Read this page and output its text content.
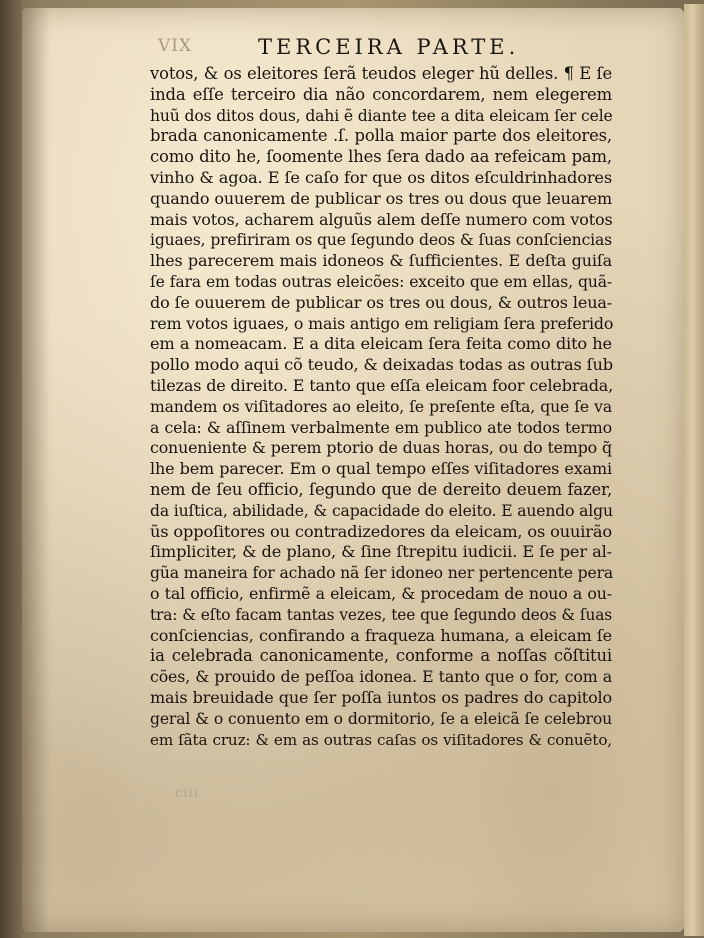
VIX	TERCEIRA PARTE.
votos, & os eleitores ſerã teudos eleger hũ delles. ¶ E ſe
inda eſſe terceiro dia não concordarem, nem elegerem
huũ dos ditos dous, dahi ẽ diante tee a dita eleicam ſer cele
brada canonicamente .ſ. polla maior parte dos eleitores,
como dito he, ſoomente lhes ſera dado aa refeicam pam,
vinho & agoa. E ſe caſo for que os ditos eſculdrinhadores
quando ouuerem de publicar os tres ou dous que leuarem
mais votos, acharem alguũs alem deſſe numero com votos
iguaes, prefiriram os que ſegundo deos & ſuas conſciencias
lhes parecerem mais idoneos & ſufficientes. E deſta guiſa
ſe fara em todas outras eleicões: exceito que em ellas, quã-
do ſe ouuerem de publicar os tres ou dous, & outros leua-
rem votos iguaes, o mais antigo em religiam ſera preferido
em a nomeacam. E a dita eleicam ſera feita como dito he
pollo modo aqui cõ teudo, & deixadas todas as outras ſub
tilezas de direito. E tanto que eſſa eleicam foor celebrada,
mandem os viſitadores ao eleito, ſe preſente eſta, que ſe va
a cela: & aſſinem verbalmente em publico ate todos termo
conueniente & perem ptorio de duas horas, ou do tempo q̃
lhe bem parecer. Em o qual tempo eſſes viſitadores exami
nem de ſeu officio, ſegundo que de dereito deuem fazer,
da iuſtica, abilidade, & capacidade do eleito. E auendo algu
ũs oppoſitores ou contradizedores da eleicam, os ouuirão
ſimpliciter, & de plano, & ſine ſtrepitu iudicii. E ſe per al-
gũa maneira for achado nã ſer idoneo ner pertencente pera
o tal officio, enfirmẽ a eleicam, & procedam de nouo a ou-
tra: & eſto facam tantas vezes, tee que ſegundo deos & ſuas
conſciencias, confirando a fraqueza humana, a eleicam ſe
ia celebrada canonicamente, conforme a noſſas cõſtitui
cões, & prouido de peſſoa idonea. E tanto que o for, com a
mais breuidade que ſer poſſa iuntos os padres do capitolo
geral & o conuento em o dormitorio, ſe a eleicã ſe celebrou
em ſãta cruz: & em as outras caſas os viſitadores & conuẽto,
ciii
